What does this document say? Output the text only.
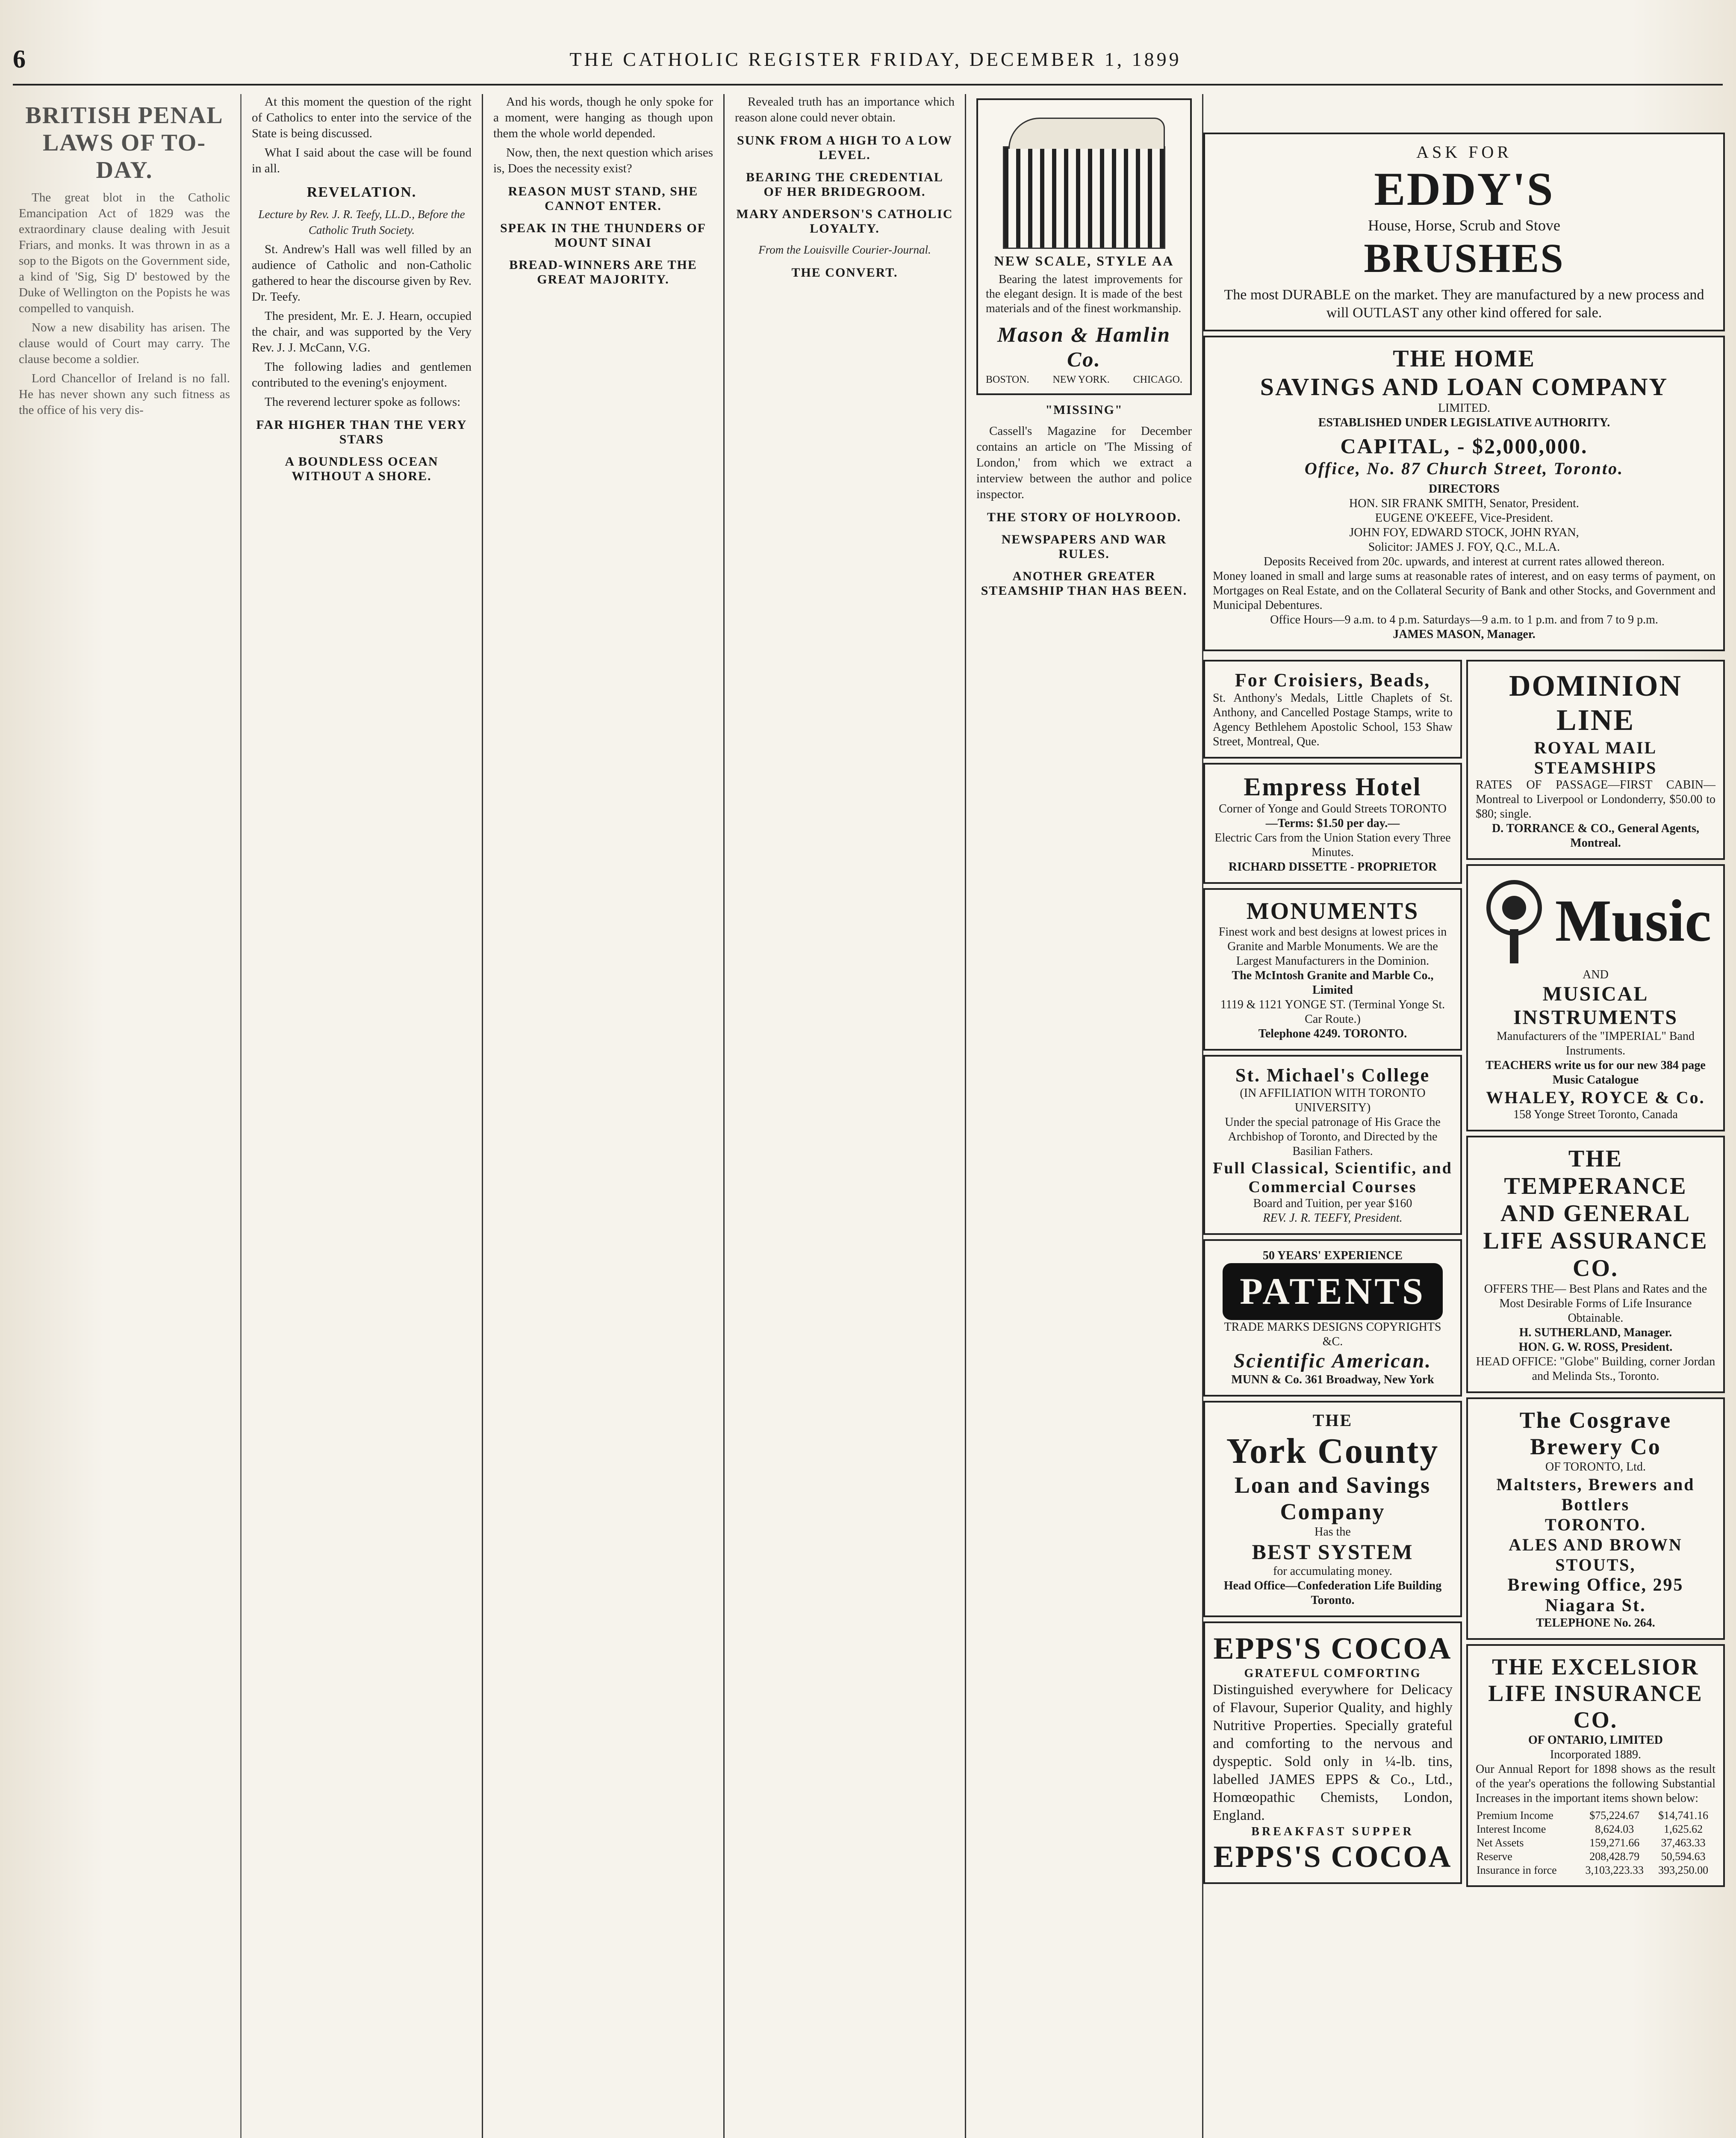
6	THE CATHOLIC REGISTER FRIDAY, DECEMBER 1, 1899
BRITISH PENAL LAWS OF TO-DAY.

The great blot in the Catholic Emancipation Act of 1829 was the extraordinary clause dealing with Jesuit Friars, and monks. It was thrown in as a sop to the Bigots on the Government side, a kind of 'Sig, Sig D' bestowed by the Duke of Wellington on the Popists he was compelled to vanquish.

Now a new disability has arisen. The clause would of Court may carry. The clause become a soldier.

Lord Chancellor of Ireland is no fall. He has never shown any such fitness as the office of his very dis-

At this moment the question of the right of Catholics to enter into the service of the State is being discussed.

What I said about the case will be found in all.

REVELATION.

Lecture by Rev. J. R. Teefy, LL.D., Before the Catholic Truth Society.

St. Andrew's Hall was well filled by an audience of Catholic and non-Catholic gathered to hear the discourse given by Rev. Dr. Teefy.

The president, Mr. E. J. Hearn, occupied the chair, and was supported by the Very Rev. J. J. McCann, V.G.

The following ladies and gentlemen contributed to the evening's enjoyment.

The reverend lecturer spoke as follows:

FAR HIGHER THAN THE VERY STARS
A BOUNDLESS OCEAN WITHOUT A SHORE.

And his words, though he only spoke for a moment, were hanging as though upon them the whole world depended.

Now, then, the next question which arises is, Does the necessity exist?

REASON MUST STAND, SHE CANNOT ENTER.
SPEAK IN THE THUNDERS OF MOUNT SINAI
BREAD-WINNERS ARE THE GREAT MAJORITY.

Revealed truth has an importance which reason alone could never obtain.

SUNK FROM A HIGH TO A LOW LEVEL.
BEARING THE CREDENTIAL OF HER BRIDEGROOM.
MARY ANDERSON'S CATHOLIC LOYALTY.

From the Louisville Courier-Journal.

THE CONVERT.
NEW SCALE, STYLE AA

Bearing the latest improvements for the elegant design. It is made of the best materials and of the finest workmanship.

Mason & Hamlin Co.
BOSTON. NEW YORK. CHICAGO.
"MISSING"

Cassell's Magazine for December contains an article on 'The Missing of London,' from which we extract a interview between the author and police inspector.

THE STORY OF HOLYROOD.
NEWSPAPERS AND WAR RULES.
ANOTHER GREATER STEAMSHIP THAN HAS BEEN.
ASK FOR
EDDY'S
House, Horse, Scrub and Stove
BRUSHES

The most DURABLE on the market. They are manufactured by a new process and will OUTLAST any other kind offered for sale.

THE HOME
SAVINGS AND LOAN COMPANY
LIMITED.
ESTABLISHED UNDER LEGISLATIVE AUTHORITY.
CAPITAL, - $2,000,000.
Office, No. 87 Church Street, Toronto.
DIRECTORS
HON. SIR FRANK SMITH, Senator, President.
EUGENE O'KEEFE, Vice-President.
JOHN FOY, EDWARD STOCK, JOHN RYAN,
Solicitor: JAMES J. FOY, Q.C., M.L.A.
Deposits Received from 20c. upwards, and interest at current rates allowed thereon.
Money loaned in small and large sums at reasonable rates of interest, and on easy terms of payment, on Mortgages on Real Estate, and on the Collateral Security of Bank and other Stocks, and Government and Municipal Debentures.
Office Hours—9 a.m. to 4 p.m. Saturdays—9 a.m. to 1 p.m. and from 7 to 9 p.m.
JAMES MASON, Manager.
For Croisiers, Beads,

St. Anthony's Medals, Little Chaplets of St. Anthony, and Cancelled Postage Stamps, write to Agency Bethlehem Apostolic School, 153 Shaw Street, Montreal, Que.

Empress Hotel
Corner of Yonge and Gould Streets TORONTO
—Terms: $1.50 per day.—
Electric Cars from the Union Station every Three Minutes.
RICHARD DISSETTE - PROPRIETOR
MONUMENTS

Finest work and best designs at lowest prices in Granite and Marble Monuments. We are the Largest Manufacturers in the Dominion.

The McIntosh Granite and Marble Co., Limited
1119 & 1121 YONGE ST. (Terminal Yonge St. Car Route.)
Telephone 4249. TORONTO.
St. Michael's College
(IN AFFILIATION WITH TORONTO UNIVERSITY)
Under the special patronage of His Grace the Archbishop of Toronto, and Directed by the Basilian Fathers.
Full Classical, Scientific, and Commercial Courses
Board and Tuition, per year $160
REV. J. R. TEEFY, President.
50 YEARS' EXPERIENCE
PATENTS
TRADE MARKS DESIGNS COPYRIGHTS &C.
Scientific American.
MUNN & Co. 361 Broadway, New York
THE
York County
Loan and Savings Company
Has the
BEST SYSTEM
for accumulating money.
Head Office—Confederation Life Building Toronto.
EPPS'S COCOA
GRATEFUL COMFORTING

Distinguished everywhere for Delicacy of Flavour, Superior Quality, and highly Nutritive Properties. Specially grateful and comforting to the nervous and dyspeptic. Sold only in ¼-lb. tins, labelled JAMES EPPS & Co., Ltd., Homœopathic Chemists, London, England.

BREAKFAST SUPPER
EPPS'S COCOA
DOMINION LINE
ROYAL MAIL STEAMSHIPS

RATES OF PASSAGE—FIRST CABIN—Montreal to Liverpool or Londonderry, $50.00 to $80; single.

D. TORRANCE & CO., General Agents, Montreal.
Music
AND
MUSICAL INSTRUMENTS
Manufacturers of the "IMPERIAL" Band Instruments.
TEACHERS write us for our new 384 page Music Catalogue
WHALEY, ROYCE & Co.
158 Yonge Street Toronto, Canada
THE TEMPERANCE AND GENERAL LIFE ASSURANCE CO.
OFFERS THE— Best Plans and Rates and the Most Desirable Forms of Life Insurance Obtainable.
H. SUTHERLAND, Manager.
HON. G. W. ROSS, President.
HEAD OFFICE: "Globe" Building, corner Jordan and Melinda Sts., Toronto.
The Cosgrave Brewery Co
OF TORONTO, Ltd.
Maltsters, Brewers and Bottlers
TORONTO.
ALES AND BROWN STOUTS,
Brewing Office, 295 Niagara St.
TELEPHONE No. 264.
THE EXCELSIOR LIFE INSURANCE CO.
OF ONTARIO, LIMITED
Incorporated 1889.

Our Annual Report for 1898 shows as the result of the year's operations the following Substantial Increases in the important items shown below:

Premium Income	$75,224.67	$14,741.16
Interest Income	8,624.03	1,625.62
Net Assets	159,271.66	37,463.33
Reserve	208,428.79	50,594.63
Insurance in force	3,103,223.33	393,250.00
